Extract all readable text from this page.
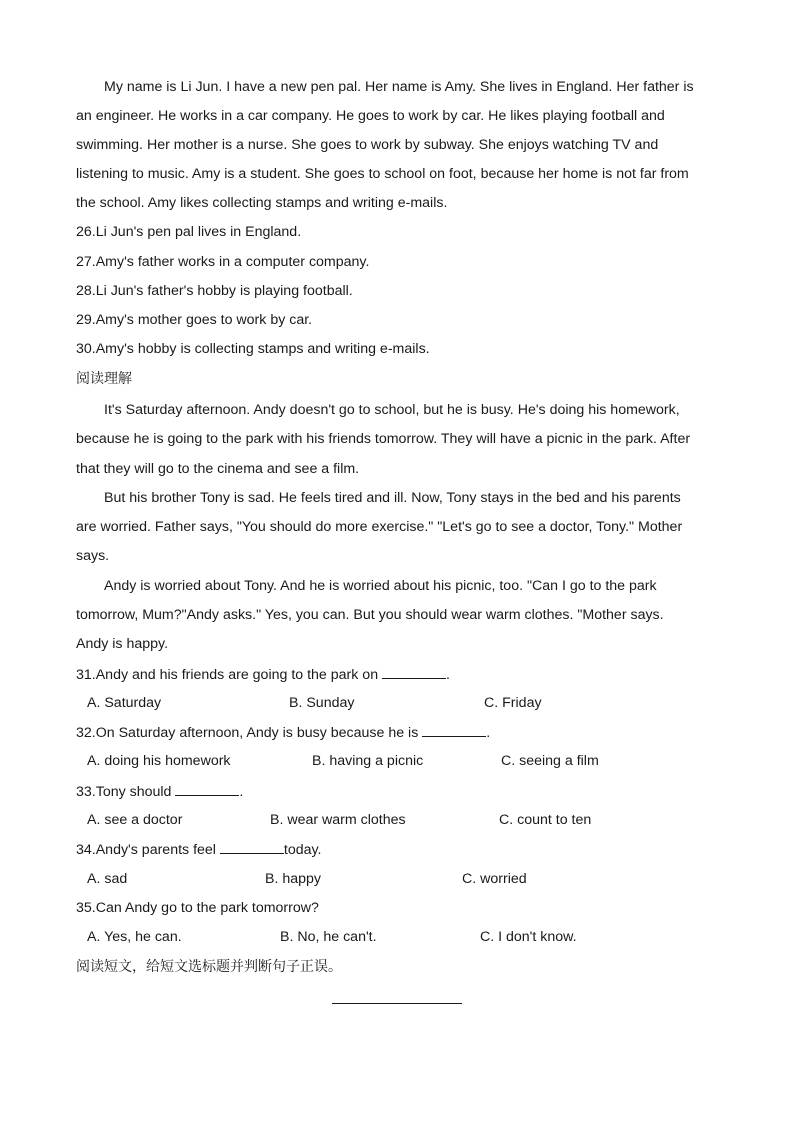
My name is Li Jun. I have a new pen pal. Her name is Amy. She lives in England. Her father is
an engineer. He works in a car company. He goes to work by car. He likes playing football and
swimming. Her mother is a nurse. She goes to work by subway. She enjoys watching TV and
listening to music. Amy is a student. She goes to school on foot, because her home is not far from
the school. Amy likes collecting stamps and writing e-mails.
26.Li Jun's pen pal lives in England.
27.Amy's father works in a computer company.
28.Li Jun's father's hobby is playing football.
29.Amy's mother goes to work by car.
30.Amy's hobby is collecting stamps and writing e-mails.
阅读理解
It's Saturday afternoon. Andy doesn't go to school, but he is busy. He's doing his homework,
because he is going to the park with his friends tomorrow. They will have a picnic in the park. After
that they will go to the cinema and see a film.
But his brother Tony is sad. He feels tired and ill. Now, Tony stays in the bed and his parents
are worried. Father says, "You should do more exercise." "Let's go to see a doctor, Tony." Mother
says.
Andy is worried about Tony. And he is worried about his picnic, too. "Can I go to the park
tomorrow, Mum?"Andy asks." Yes, you can. But you should wear warm clothes. "Mother says.
Andy is happy.
31.Andy and his friends are going to the park on	.
A. Saturday	B. Sunday	C. Friday
32.On Saturday afternoon, Andy is busy because he is	.
A. doing his homework	B. having a picnic	C. seeing a film
33.Tony should	.
A. see a doctor	B. wear warm clothes	C. count to ten
34.Andy's parents feel	today.
A. sad	B. happy	C. worried
35.Can Andy go to the park tomorrow?
A. Yes, he can.	B. No, he can't.	C. I don't know.
阅读短文，给短文选标题并判断句子正误。
